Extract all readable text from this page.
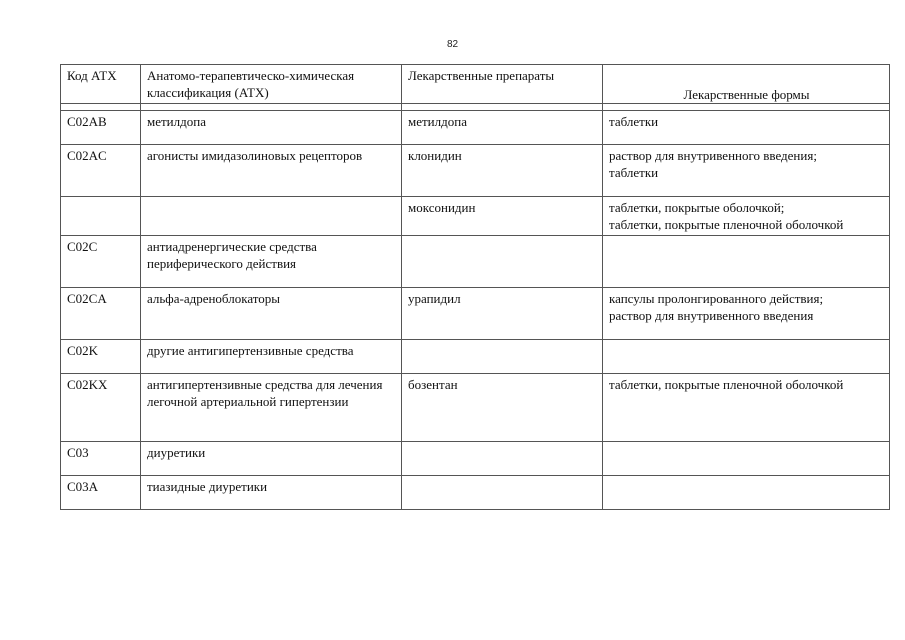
82
Код АТХ	Анатомо-терапевтическо-химическая классификация (АТХ)	Лекарственные препараты	Лекарственные формы

C02AB	метилдопа	метилдопа	таблетки

C02AC	агонисты имидазолиновых рецепторов	клонидин	раствор для внутривенного введения;
таблетки

		моксонидин	таблетки, покрытые оболочкой;
таблетки, покрытые пленочной оболочкой

C02C	антиадренергические средства периферического действия		

C02CA	альфа-адреноблокаторы	урапидил	капсулы пролонгированного действия;
раствор для внутривенного введения

C02K	другие антигипертензивные средства		

C02KX	антигипертензивные средства для лечения легочной артериальной гипертензии	бозентан	таблетки, покрытые пленочной оболочкой

C03	диуретики		

C03A	тиазидные диуретики		
